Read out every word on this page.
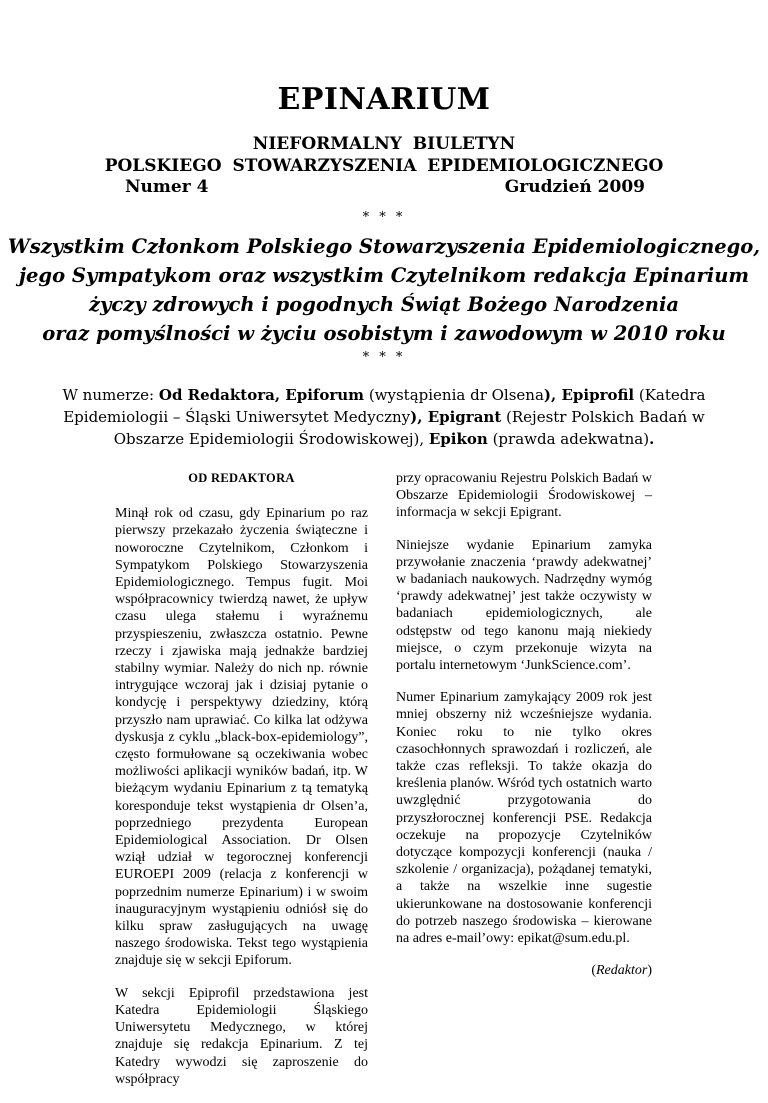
EPINARIUM
NIEFORMALNY BIULETYN
POLSKIEGO STOWARZYSZENIA EPIDEMIOLOGICZNEGO
Numer 4	Grudzień 2009
* * *
Wszystkim Członkom Polskiego Stowarzyszenia Epidemiologicznego,
jego Sympatykom oraz wszystkim Czytelnikom redakcja Epinarium
życzy zdrowych i pogodnych Świąt Bożego Narodzenia
oraz pomyślności w życiu osobistym i zawodowym w 2010 roku
* * *
W numerze: Od Redaktora, Epiforum (wystąpienia dr Olsena), Epiprofil (Katedra Epidemiologii – Śląski Uniwersytet Medyczny), Epigrant (Rejestr Polskich Badań w Obszarze Epidemiologii Środowiskowej), Epikon (prawda adekwatna).
OD REDAKTORA

Minął rok od czasu, gdy Epinarium po raz pierwszy przekazało życzenia świąteczne i noworoczne Czytelnikom, Członkom i Sympatykom Polskiego Stowarzyszenia Epidemiologicznego. Tempus fugit. Moi współpracownicy twierdzą nawet, że upływ czasu ulega stałemu i wyraźnemu przyspieszeniu, zwłaszcza ostatnio. Pewne rzeczy i zjawiska mają jednakże bardziej stabilny wymiar. Należy do nich np. równie intrygujące wczoraj jak i dzisiaj pytanie o kondycję i perspektywy dziedziny, którą przyszło nam uprawiać. Co kilka lat odżywa dyskusja z cyklu „black-box-epidemiology”, często formułowane są oczekiwania wobec możliwości aplikacji wyników badań, itp. W bieżącym wydaniu Epinarium z tą tematyką koresponduje tekst wystąpienia dr Olsen’a, poprzedniego prezydenta European Epidemiological Association. Dr Olsen wziął udział w tegorocznej konferencji EUROEPI 2009 (relacja z konferencji w poprzednim numerze Epinarium) i w swoim inauguracyjnym wystąpieniu odniósł się do kilku spraw zasługujących na uwagę naszego środowiska. Tekst tego wystąpienia znajduje się w sekcji Epiforum.

W sekcji Epiprofil przedstawiona jest Katedra Epidemiologii Śląskiego Uniwersytetu Medycznego, w której znajduje się redakcja Epinarium. Z tej Katedry wywodzi się zaproszenie do współpracy

przy opracowaniu Rejestru Polskich Badań w Obszarze Epidemiologii Środowiskowej – informacja w sekcji Epigrant.

Niniejsze wydanie Epinarium zamyka przywołanie znaczenia ‘prawdy adekwatnej’ w badaniach naukowych. Nadrzędny wymóg ‘prawdy adekwatnej’ jest także oczywisty w badaniach epidemiologicznych, ale odstępstw od tego kanonu mają niekiedy miejsce, o czym przekonuje wizyta na portalu internetowym ‘JunkScience.com’.

Numer Epinarium zamykający 2009 rok jest mniej obszerny niż wcześniejsze wydania. Koniec roku to nie tylko okres czasochłonnych sprawozdań i rozliczeń, ale także czas refleksji. To także okazja do kreślenia planów. Wśród tych ostatnich warto uwzględnić przygotowania do przyszłorocznej konferencji PSE. Redakcja oczekuje na propozycje Czytelników dotyczące kompozycji konferencji (nauka / szkolenie / organizacja), pożądanej tematyki, a także na wszelkie inne sugestie ukierunkowane na dostosowanie konferencji do potrzeb naszego środowiska – kierowane na adres e-mail’owy: epikat@sum.edu.pl.

(Redaktor)
